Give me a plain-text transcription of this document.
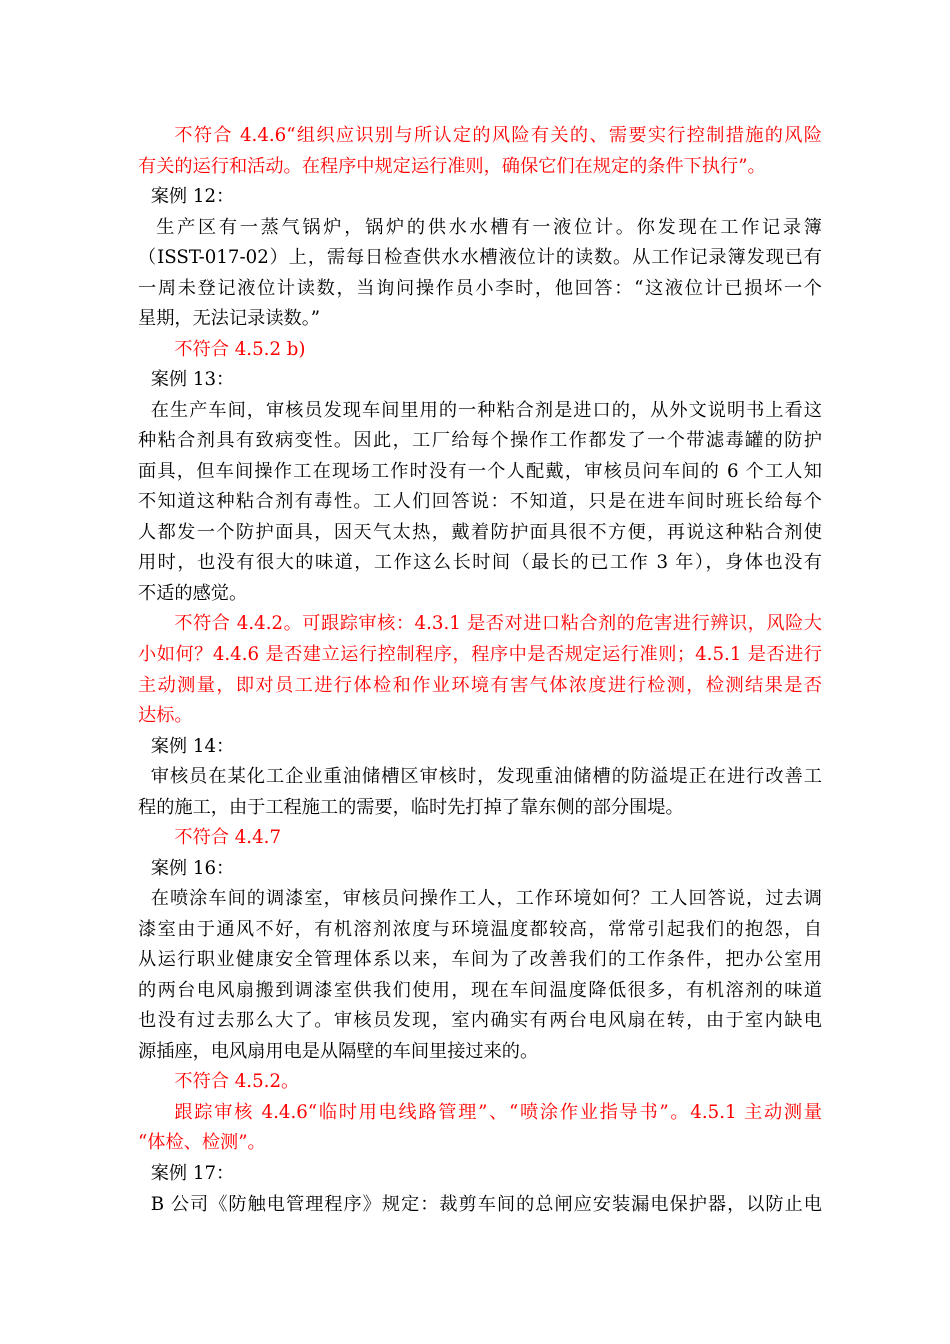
不符合 4.4.6“组织应识别与所认定的风险有关的、需要实行控制措施的风险
有关的运行和活动。在程序中规定运行准则，确保它们在规定的条件下执行”。
案例 12：
生产区有一蒸气锅炉，锅炉的供水水槽有一液位计。你发现在工作记录簿
（ISST-017-02）上，需每日检查供水水槽液位计的读数。从工作记录簿发现已有
一周未登记液位计读数，当询问操作员小李时，他回答：“这液位计已损坏一个
星期，无法记录读数。”
不符合 4.5.2 b)
案例 13：
在生产车间，审核员发现车间里用的一种粘合剂是进口的，从外文说明书上看这
种粘合剂具有致病变性。因此，工厂给每个操作工作都发了一个带滤毒罐的防护
面具，但车间操作工在现场工作时没有一个人配戴，审核员问车间的 6 个工人知
不知道这种粘合剂有毒性。工人们回答说：不知道，只是在进车间时班长给每个
人都发一个防护面具，因天气太热，戴着防护面具很不方便，再说这种粘合剂使
用时，也没有很大的味道，工作这么长时间（最长的已工作 3 年），身体也没有
不适的感觉。
不符合 4.4.2。可跟踪审核：4.3.1 是否对进口粘合剂的危害进行辨识，风险大
小如何？4.4.6 是否建立运行控制程序，程序中是否规定运行准则；4.5.1 是否进行
主动测量，即对员工进行体检和作业环境有害气体浓度进行检测，检测结果是否
达标。
案例 14：
审核员在某化工企业重油储槽区审核时，发现重油储槽的防溢堤正在进行改善工
程的施工，由于工程施工的需要，临时先打掉了靠东侧的部分围堤。
不符合 4.4.7
案例 16：
在喷涂车间的调漆室，审核员问操作工人，工作环境如何？工人回答说，过去调
漆室由于通风不好，有机溶剂浓度与环境温度都较高，常常引起我们的抱怨，自
从运行职业健康安全管理体系以来，车间为了改善我们的工作条件，把办公室用
的两台电风扇搬到调漆室供我们使用，现在车间温度降低很多，有机溶剂的味道
也没有过去那么大了。审核员发现，室内确实有两台电风扇在转，由于室内缺电
源插座，电风扇用电是从隔壁的车间里接过来的。
不符合 4.5.2。
跟踪审核 4.4.6“临时用电线路管理”、“喷涂作业指导书”。4.5.1 主动测量
“体检、检测”。
案例 17：
B 公司《防触电管理程序》规定：裁剪车间的总闸应安装漏电保护器，以防止电
